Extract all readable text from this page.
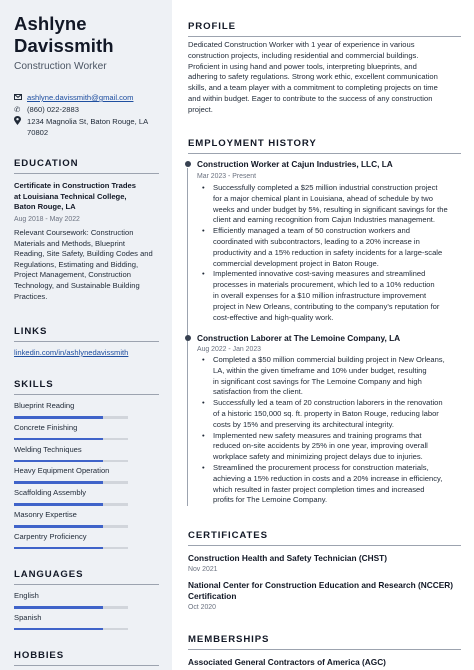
Ashlyne
Davissmith
Construction Worker
ashlyne.davissmith@gmail.com
✆ (860) 022-2883
1234 Magnolia St, Baton Rouge, LA
70802
EDUCATION
Certificate in Construction Trades
at Louisiana Technical College,
Baton Rouge, LA
Aug 2018 - May 2022
Relevant Coursework: Construction
Materials and Methods, Blueprint
Reading, Site Safety, Building Codes and
Regulations, Estimating and Bidding,
Project Management, Construction
Technology, and Sustainable Building
Practices.
LINKS
linkedin.com/in/ashlynedavissmith
SKILLS
Blueprint Reading
Concrete Finishing
Welding Techniques
Heavy Equipment Operation
Scaffolding Assembly
Masonry Expertise
Carpentry Proficiency
LANGUAGES
English
Spanish
HOBBIES
PROFILE
Dedicated Construction Worker with 1 year of experience in various
construction projects, including residential and commercial buildings.
Proficient in using hand and power tools, interpreting blueprints, and
adhering to safety regulations. Strong work ethic, excellent communication
skills, and a team player with a commitment to completing projects on time
and within budget. Eager to contribute to the success of any construction
project.
EMPLOYMENT HISTORY
Construction Worker at Cajun Industries, LLC, LA
Mar 2023 - Present
• Successfully completed a $25 million industrial construction project
for a major chemical plant in Louisiana, ahead of schedule by two
weeks and under budget by 5%, resulting in significant savings for the
client and earning recognition from Cajun Industries management.
• Efficiently managed a team of 50 construction workers and
coordinated with subcontractors, leading to a 20% increase in
productivity and a 15% reduction in safety incidents for a large-scale
commercial development project in Baton Rouge.
• Implemented innovative cost-saving measures and streamlined
processes in materials procurement, which led to a 10% reduction
in overall expenses for a $10 million infrastructure improvement
project in New Orleans, contributing to the company's reputation for
cost-effective and high-quality work.
Construction Laborer at The Lemoine Company, LA
Aug 2022 - Jan 2023
• Completed a $50 million commercial building project in New Orleans,
LA, within the given timeframe and 10% under budget, resulting
in significant cost savings for The Lemoine Company and high
satisfaction from the client.
• Successfully led a team of 20 construction laborers in the renovation
of a historic 150,000 sq. ft. property in Baton Rouge, reducing labor
costs by 15% and preserving its architectural integrity.
• Implemented new safety measures and training programs that
reduced on-site accidents by 25% in one year, improving overall
workplace safety and minimizing project delays due to injuries.
• Streamlined the procurement process for construction materials,
achieving a 15% reduction in costs and a 20% increase in efficiency,
which resulted in faster project completion times and increased
profits for The Lemoine Company.
CERTIFICATES
Construction Health and Safety Technician (CHST)
Nov 2021
National Center for Construction Education and Research (NCCER)
Certification
Oct 2020
MEMBERSHIPS
Associated General Contractors of America (AGC)
